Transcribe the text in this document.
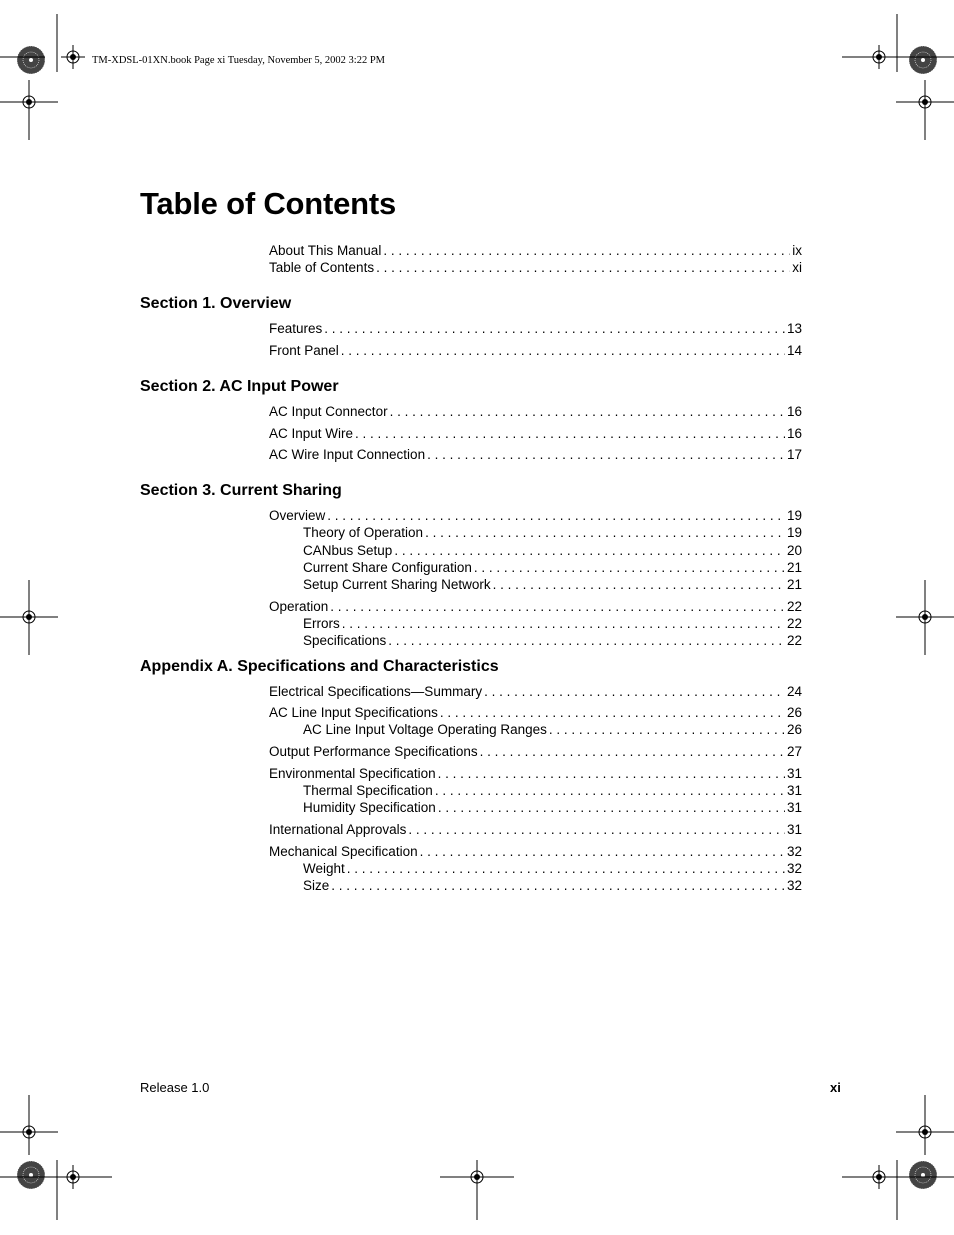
TM-XDSL-01XN.book Page xi Tuesday, November 5, 2002 3:22 PM
Table of Contents
About This Manual . . .	ix
Table of Contents . . .	xi
Section 1. Overview
Features . . .	13
Front Panel . . .	14
Section 2. AC Input Power
AC Input Connector . . .	16
AC Input Wire . . .	16
AC Wire Input Connection . . .	17
Section 3. Current Sharing
Overview . . .	19
Theory of Operation . . .	19
CANbus Setup . . .	20
Current Share Configuration . . .	21
Setup Current Sharing Network . . .	21
Operation . . .	22
Errors . . .	22
Specifications . . .	22
Appendix A. Specifications and Characteristics
Electrical Specifications—Summary . . .	24
AC Line Input Specifications . . .	26
AC Line Input Voltage Operating Ranges . . .	26
Output Performance Specifications . . .	27
Environmental Specification . . .	31
Thermal Specification . . .	31
Humidity Specification . . .	31
International Approvals . . .	31
Mechanical Specification . . .	32
Weight . . .	32
Size . . .	32
Release 1.0	xi
